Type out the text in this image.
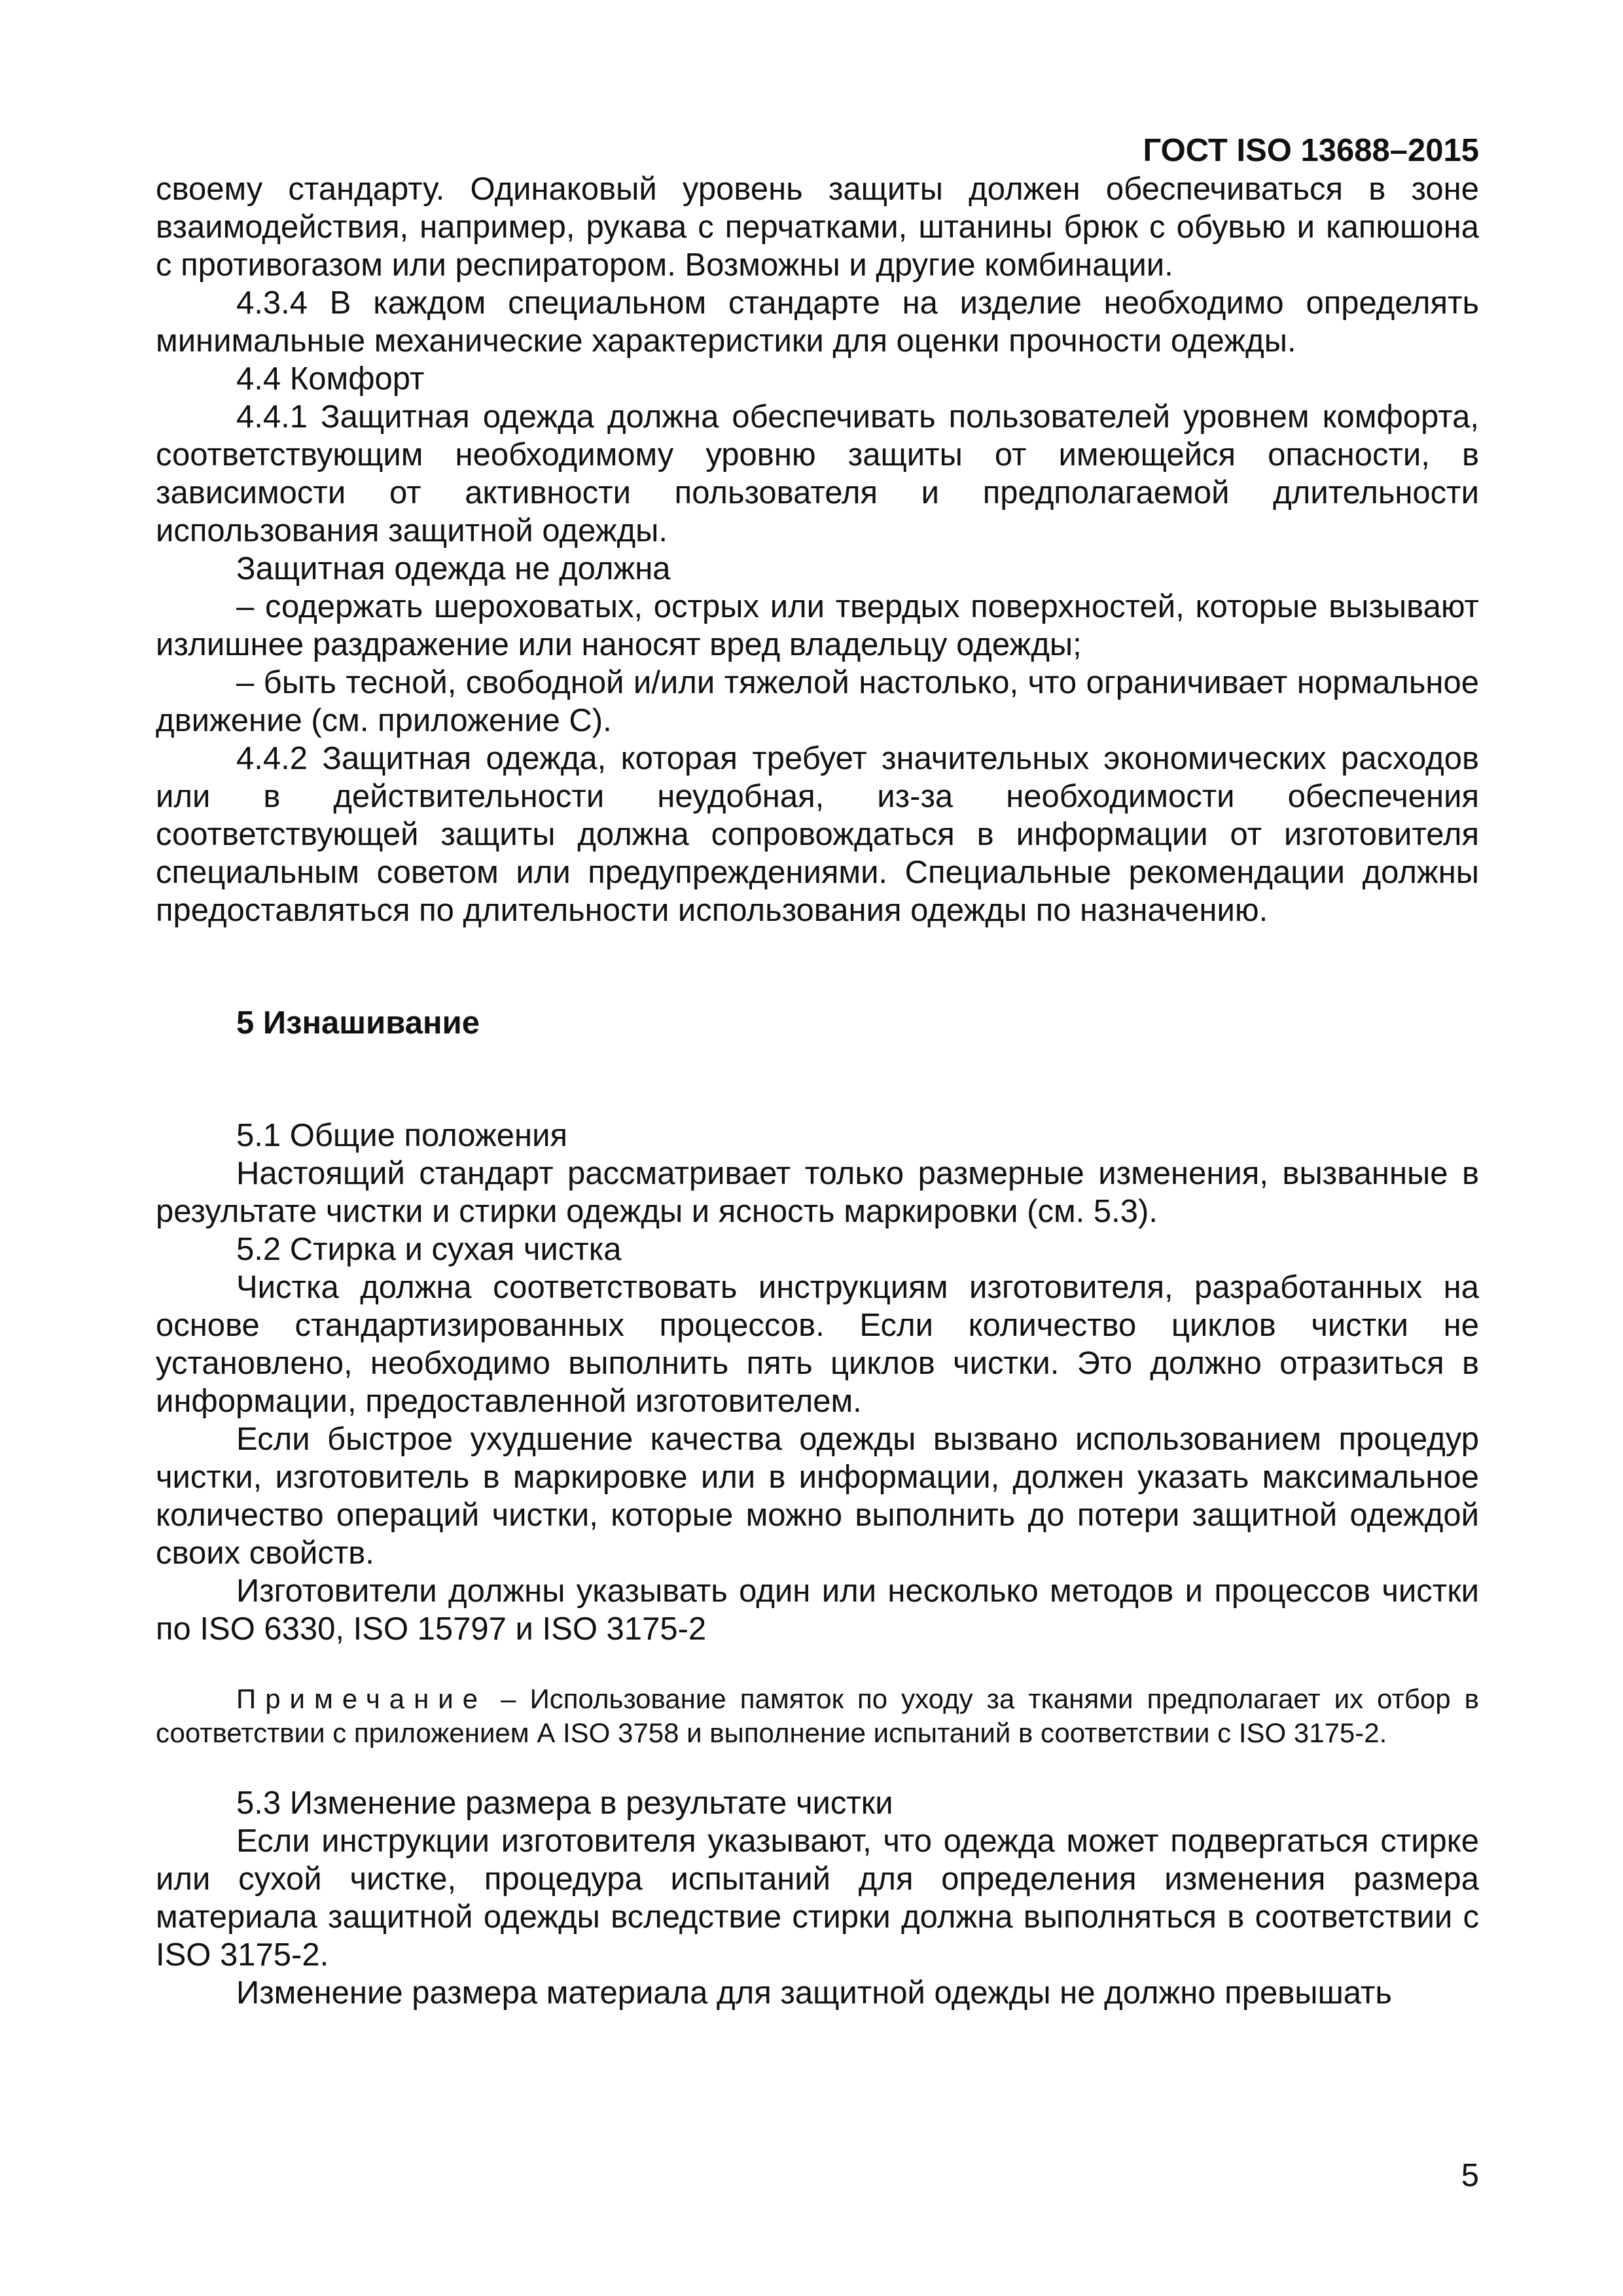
ГОСТ ISO 13688–2015

своему стандарту. Одинаковый уровень защиты должен обеспечиваться в зоне взаимодействия, например, рукава с перчатками, штанины брюк с обувью и капюшона с противогазом или респиратором. Возможны и другие комбинации.

4.3.4 В каждом специальном стандарте на изделие необходимо определять минимальные механические характеристики для оценки прочности одежды.

4.4 Комфорт

4.4.1 Защитная одежда должна обеспечивать пользователей уровнем комфорта, соответствующим необходимому уровню защиты от имеющейся опасности, в зависимости от активности пользователя и предполагаемой длительности использования защитной одежды.

Защитная одежда не должна

– содержать шероховатых, острых или твердых поверхностей, которые вызывают излишнее раздражение или наносят вред владельцу одежды;

– быть тесной, свободной и/или тяжелой настолько, что ограничивает нормальное движение (см. приложение С).

4.4.2 Защитная одежда, которая требует значительных экономических расходов или в действительности неудобная, из-за необходимости обеспечения соответствующей защиты должна сопровождаться в информации от изготовителя специальным советом или предупреждениями. Специальные рекомендации должны предоставляться по длительности использования одежды по назначению.

5 Изнашивание

5.1 Общие положения

Настоящий стандарт рассматривает только размерные изменения, вызванные в результате чистки и стирки одежды и ясность маркировки (см. 5.3).

5.2 Стирка и сухая чистка

Чистка должна соответствовать инструкциям изготовителя, разработанных на основе стандартизированных процессов. Если количество циклов чистки не установлено, необходимо выполнить пять циклов чистки. Это должно отразиться в информации, предоставленной изготовителем.

Если быстрое ухудшение качества одежды вызвано использованием процедур чистки, изготовитель в маркировке или в информации, должен указать максимальное количество операций чистки, которые можно выполнить до потери защитной одеждой своих свойств.

Изготовители должны указывать один или несколько методов и процессов чистки по ISO 6330, ISO 15797 и ISO 3175-2

Примечание – Использование памяток по уходу за тканями предполагает их отбор в соответствии с приложением А ISO 3758 и выполнение испытаний в соответствии с ISO 3175-2.

5.3 Изменение размера в результате чистки

Если инструкции изготовителя указывают, что одежда может подвергаться стирке или сухой чистке, процедура испытаний для определения изменения размера материала защитной одежды вследствие стирки должна выполняться в соответствии с ISO 3175-2.

Изменение размера материала для защитной одежды не должно превышать

5
